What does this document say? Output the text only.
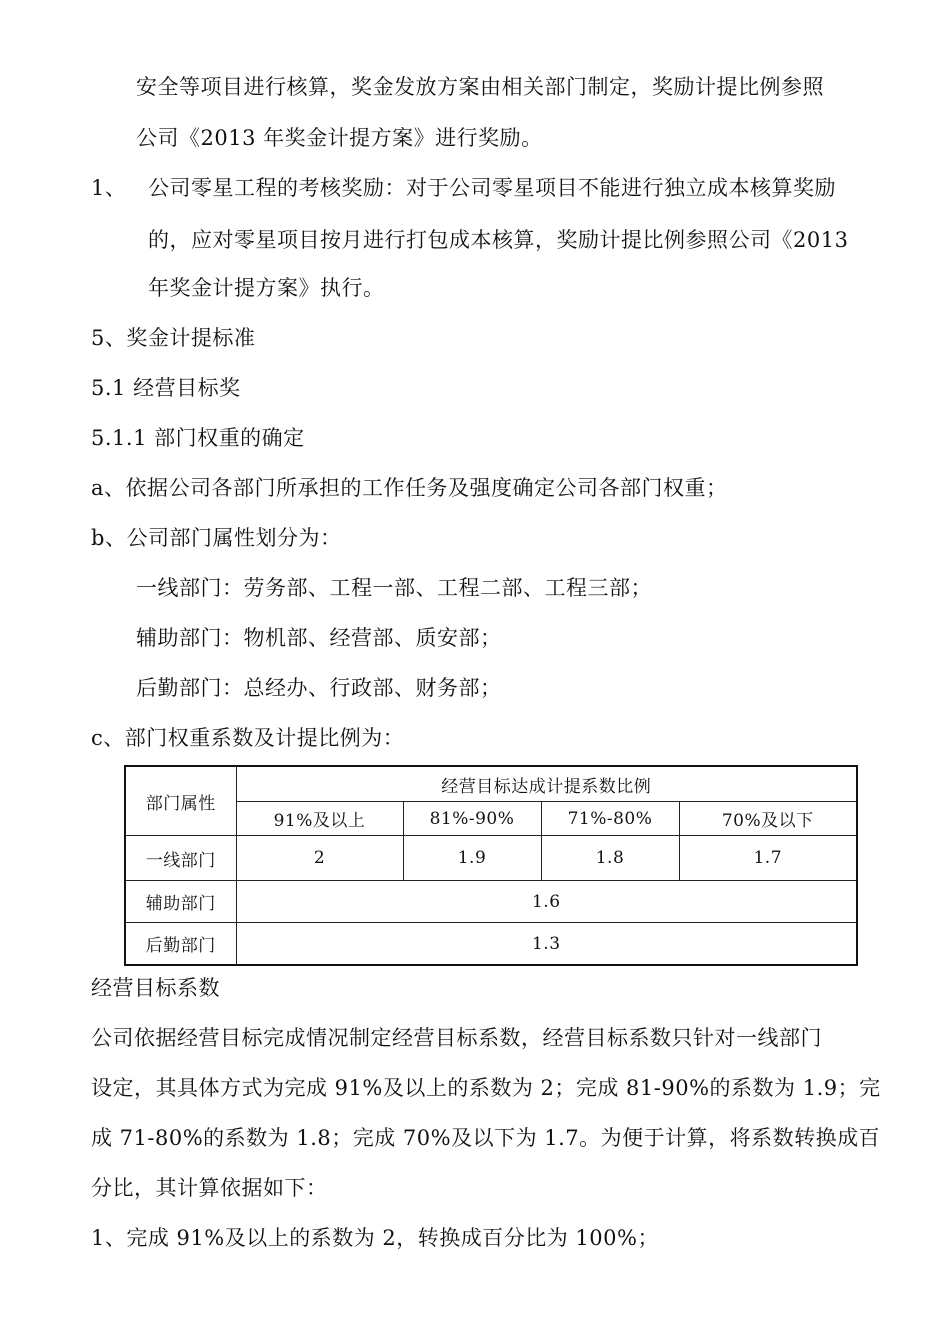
安全等项目进行核算，奖金发放方案由相关部门制定，奖励计提比例参照
公司《2013 年奖金计提方案》进行奖励。
1、 公司零星工程的考核奖励：对于公司零星项目不能进行独立成本核算奖励
的，应对零星项目按月进行打包成本核算，奖励计提比例参照公司《2013
年奖金计提方案》执行。
5、奖金计提标准
5.1 经营目标奖
5.1.1 部门权重的确定
a、依据公司各部门所承担的工作任务及强度确定公司各部门权重；
b、公司部门属性划分为：
一线部门：劳务部、工程一部、工程二部、工程三部；
辅助部门：物机部、经营部、质安部；
后勤部门：总经办、行政部、财务部；
c、部门权重系数及计提比例为：
部门属性	经营目标达成计提系数比例			
	91%及以上	81%-90%	71%-80%	70%及以下
一线部门	2	1.9	1.8	1.7
辅助部门	1.6			
后勤部门	1.3			
经营目标系数
公司依据经营目标完成情况制定经营目标系数，经营目标系数只针对一线部门
设定，其具体方式为完成 91%及以上的系数为 2；完成 81-90%的系数为 1.9；完
成 71-80%的系数为 1.8；完成 70%及以下为 1.7。为便于计算，将系数转换成百
分比，其计算依据如下：
1、完成 91%及以上的系数为 2，转换成百分比为 100%；
